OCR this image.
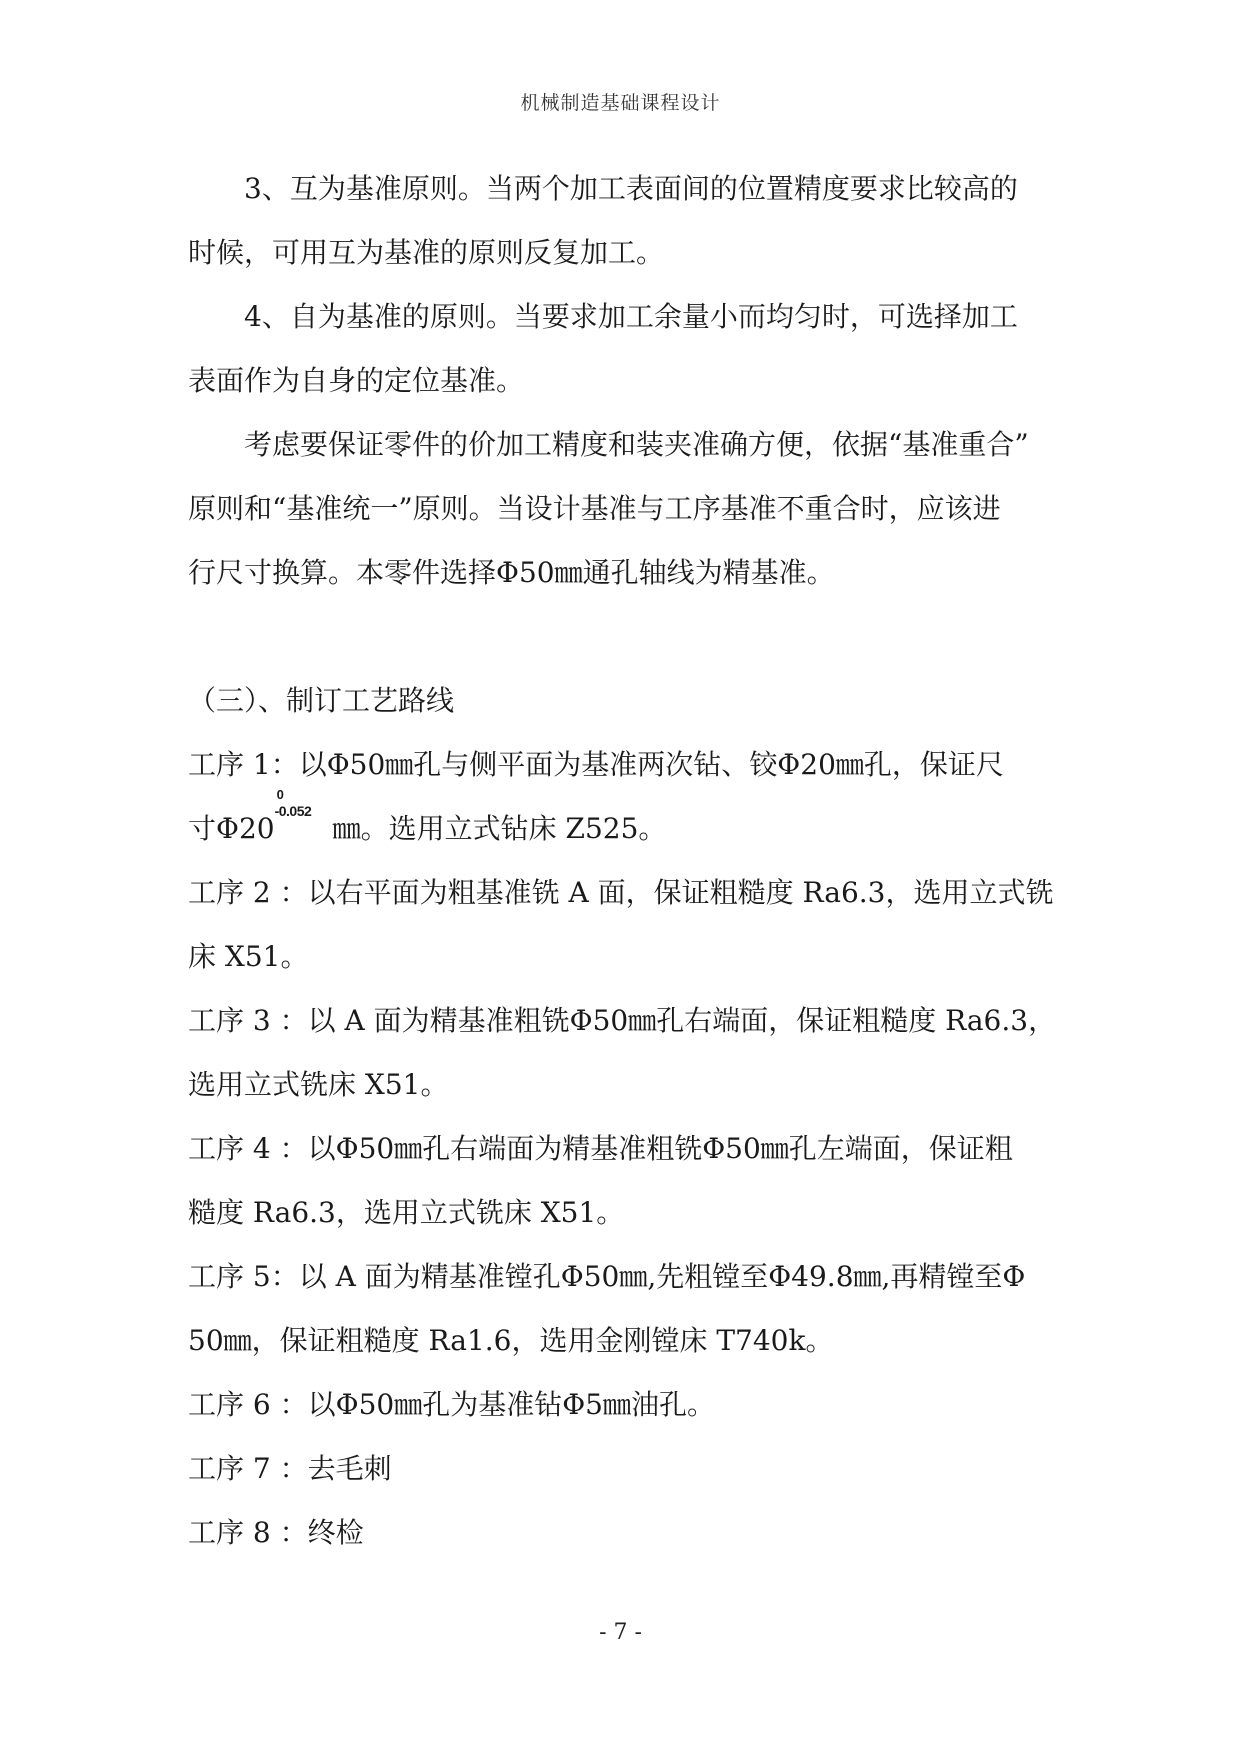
机械制造基础课程设计

3、互为基准原则。当两个加工表面间的位置精度要求比较高的

时候，可用互为基准的原则反复加工。

4、自为基准的原则。当要求加工余量小而均匀时，可选择加工

表面作为自身的定位基准。

考虑要保证零件的价加工精度和装夹准确方便，依据“基准重合”

原则和“基准统一”原则。当设计基准与工序基准不重合时，应该进

行尺寸换算。本零件选择Φ50㎜通孔轴线为精基准。

（三）、制订工艺路线

工序 1：以Φ50㎜孔与侧平面为基准两次钻、铰Φ20㎜孔，保证尺

寸Φ20
0
-0.052
㎜。选用立式钻床 Z525。

工序 2 ：以右平面为粗基准铣 A 面，保证粗糙度 Ra6.3，选用立式铣

床 X51。

工序 3 ：以 A 面为精基准粗铣Φ50㎜孔右端面，保证粗糙度 Ra6.3，

选用立式铣床 X51。

工序 4 ：以Φ50㎜孔右端面为精基准粗铣Φ50㎜孔左端面，保证粗

糙度 Ra6.3，选用立式铣床 X51。

工序 5：以 A 面为精基准镗孔Φ50㎜,先粗镗至Φ49.8㎜,再精镗至Φ

50㎜，保证粗糙度 Ra1.6，选用金刚镗床 T740k。

工序 6 ：以Φ50㎜孔为基准钻Φ5㎜油孔。

工序 7 ：去毛刺

工序 8 ：终检

- 7 -
